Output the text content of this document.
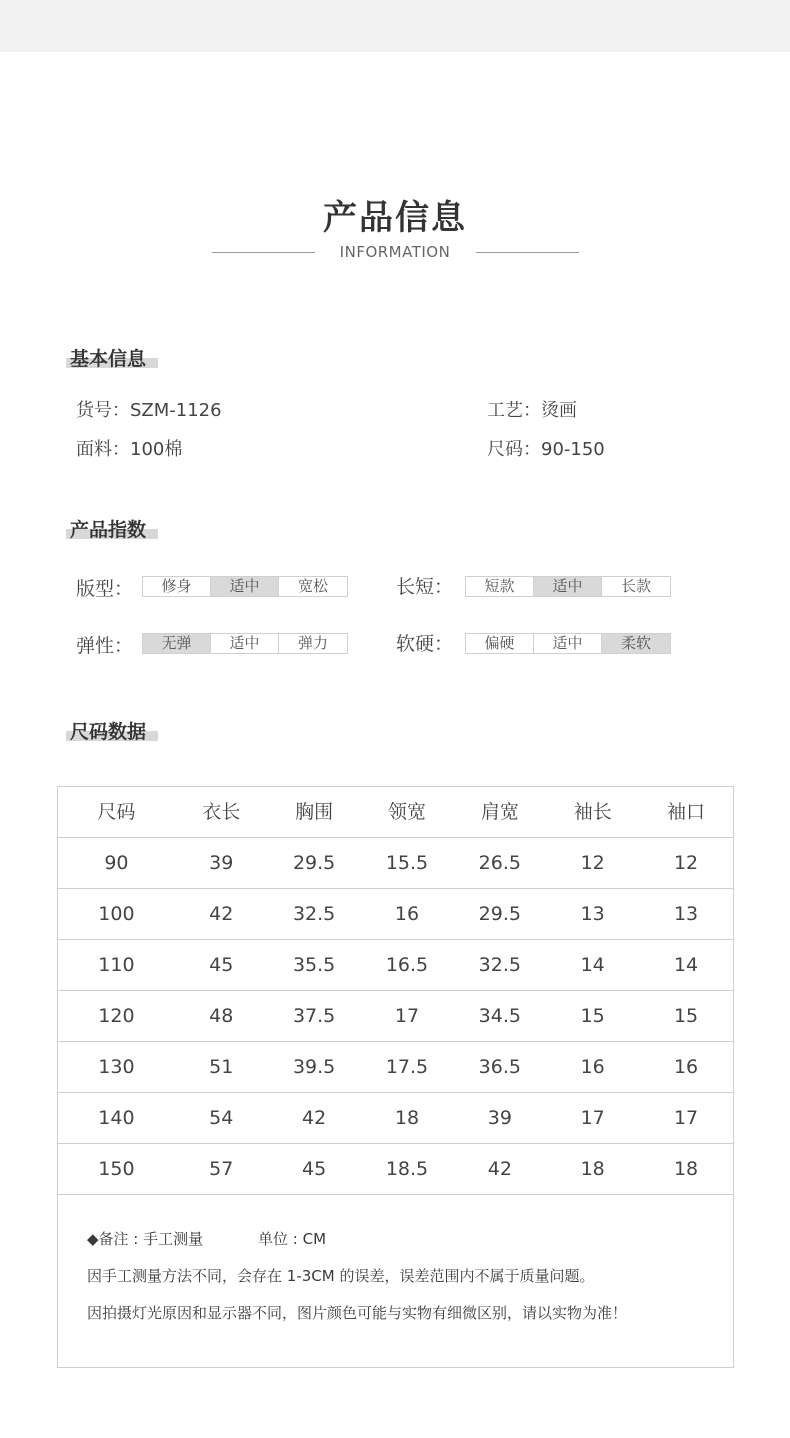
产品信息
INFORMATION
基本信息
货号：SZM-1126	工艺：烫画
面料：100棉	尺码：90-150
产品指数
版型：	修身	适中	宽松	长短：	短款	适中	长款
弹性：	无弹	适中	弹力	软硬：	偏硬	适中	柔软
尺码数据
尺码	衣长	胸围	领宽	肩宽	袖长	袖口
90	39	29.5	15.5	26.5	12	12
100	42	32.5	16	29.5	13	13
110	45	35.5	16.5	32.5	14	14
120	48	37.5	17	34.5	15	15
130	51	39.5	17.5	36.5	16	16
140	54	42	18	39	17	17
150	57	45	18.5	42	18	18
◆备注 : 手工测量	单位 : CM
因手工测量方法不同，会存在 1-3CM 的误差，误差范围内不属于质量问题。
因拍摄灯光原因和显示器不同，图片颜色可能与实物有细微区别，请以实物为准！
